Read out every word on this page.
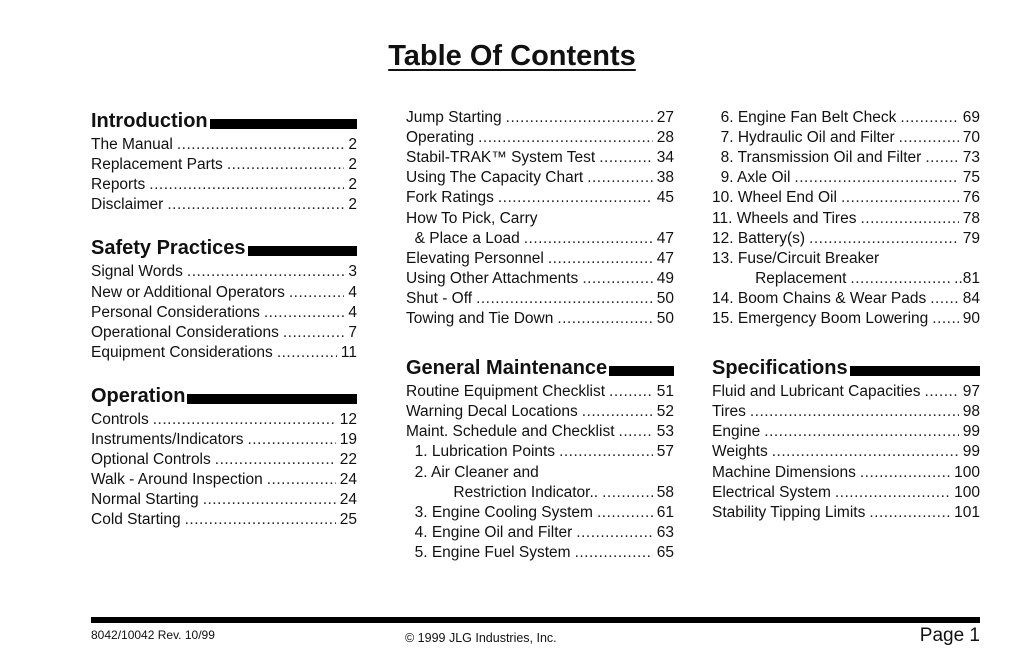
Table Of Contents
Introduction
The Manual .....	2
Replacement Parts .....	2
Reports .....	2
Disclaimer .....	2
Safety Practices
Signal Words .....	3
New or Additional Operators .....	4
Personal Considerations .....	4
Operational Considerations .....	7
Equipment Considerations .....	11
Operation
Controls .....	12
Instruments/Indicators .....	19
Optional Controls .....	22
Walk - Around Inspection .....	24
Normal Starting .....	24
Cold Starting .....	25
Jump Starting .....	27
Operating .....	28
Stabil-TRAK™ System Test .....	34
Using The Capacity Chart .....	38
Fork Ratings .....	45
How To Pick, Carry
& Place a Load .....	47
Elevating Personnel .....	47
Using Other Attachments .....	49
Shut - Off .....	50
Towing and Tie Down .....	50
General Maintenance
Routine Equipment Checklist .....	51
Warning Decal Locations .....	52
Maint. Schedule and Checklist .....	53
1. Lubrication Points .....	57
2. Air Cleaner and
Restriction Indicator.. .....	58
3. Engine Cooling System .....	61
4. Engine Oil and Filter .....	63
5. Engine Fuel System .....	65
6. Engine Fan Belt Check .....	69
7. Hydraulic Oil and Filter .....	70
8. Transmission Oil and Filter .....	73
9. Axle Oil .....	75
10. Wheel End Oil .....	76
11. Wheels and Tires .....	78
12. Battery(s) .....	79
13. Fuse/Circuit Breaker
Replacement .....	..81
14. Boom Chains & Wear Pads ..... 84
15. Emergency Boom Lowering ..... 90
Specifications
Fluid and Lubricant Capacities .....	97
Tires .....	98
Engine .....	99
Weights .....	99
Machine Dimensions .....	100
Electrical System .....	100
Stability Tipping Limits .....	101
8042/10042 Rev. 10/99	© 1999 JLG Industries, Inc.	Page 1
